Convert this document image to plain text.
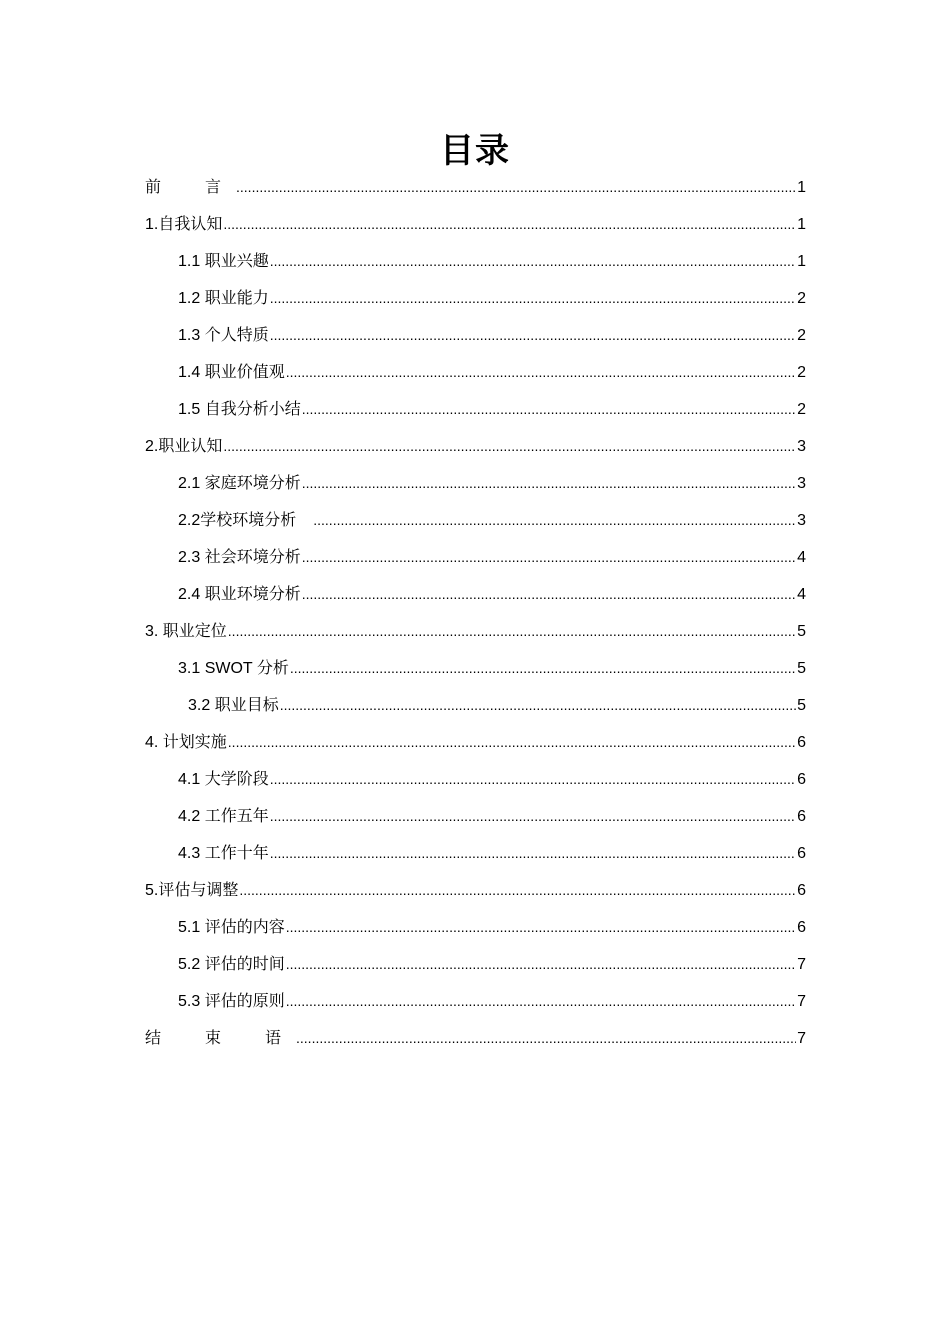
目录
前　言 .....	1
1.自我认知 .....	1
1.1 职业兴趣 .....	1
1.2 职业能力 .....	2
1.3 个人特质 .....	2
1.4 职业价值观 .....	2
1.5 自我分析小结 .....	2
2.职业认知 .....	3
2.1 家庭环境分析 .....	3
2.2学校环境分析　 .....	3
2.3 社会环境分析 .....	4
2.4 职业环境分析 .....	4
3. 职业定位 .....	5
3.1 SWOT 分析 .....	5
3.2 职业目标 .....	5
4. 计划实施 .....	6
4.1 大学阶段 .....	6
4.2 工作五年 .....	6
4.3 工作十年 .....	6
5.评估与调整 .....	6
5.1 评估的内容 .....	6
5.2 评估的时间 .....	7
5.3 评估的原则 .....	7
结　束　语 .....	7
